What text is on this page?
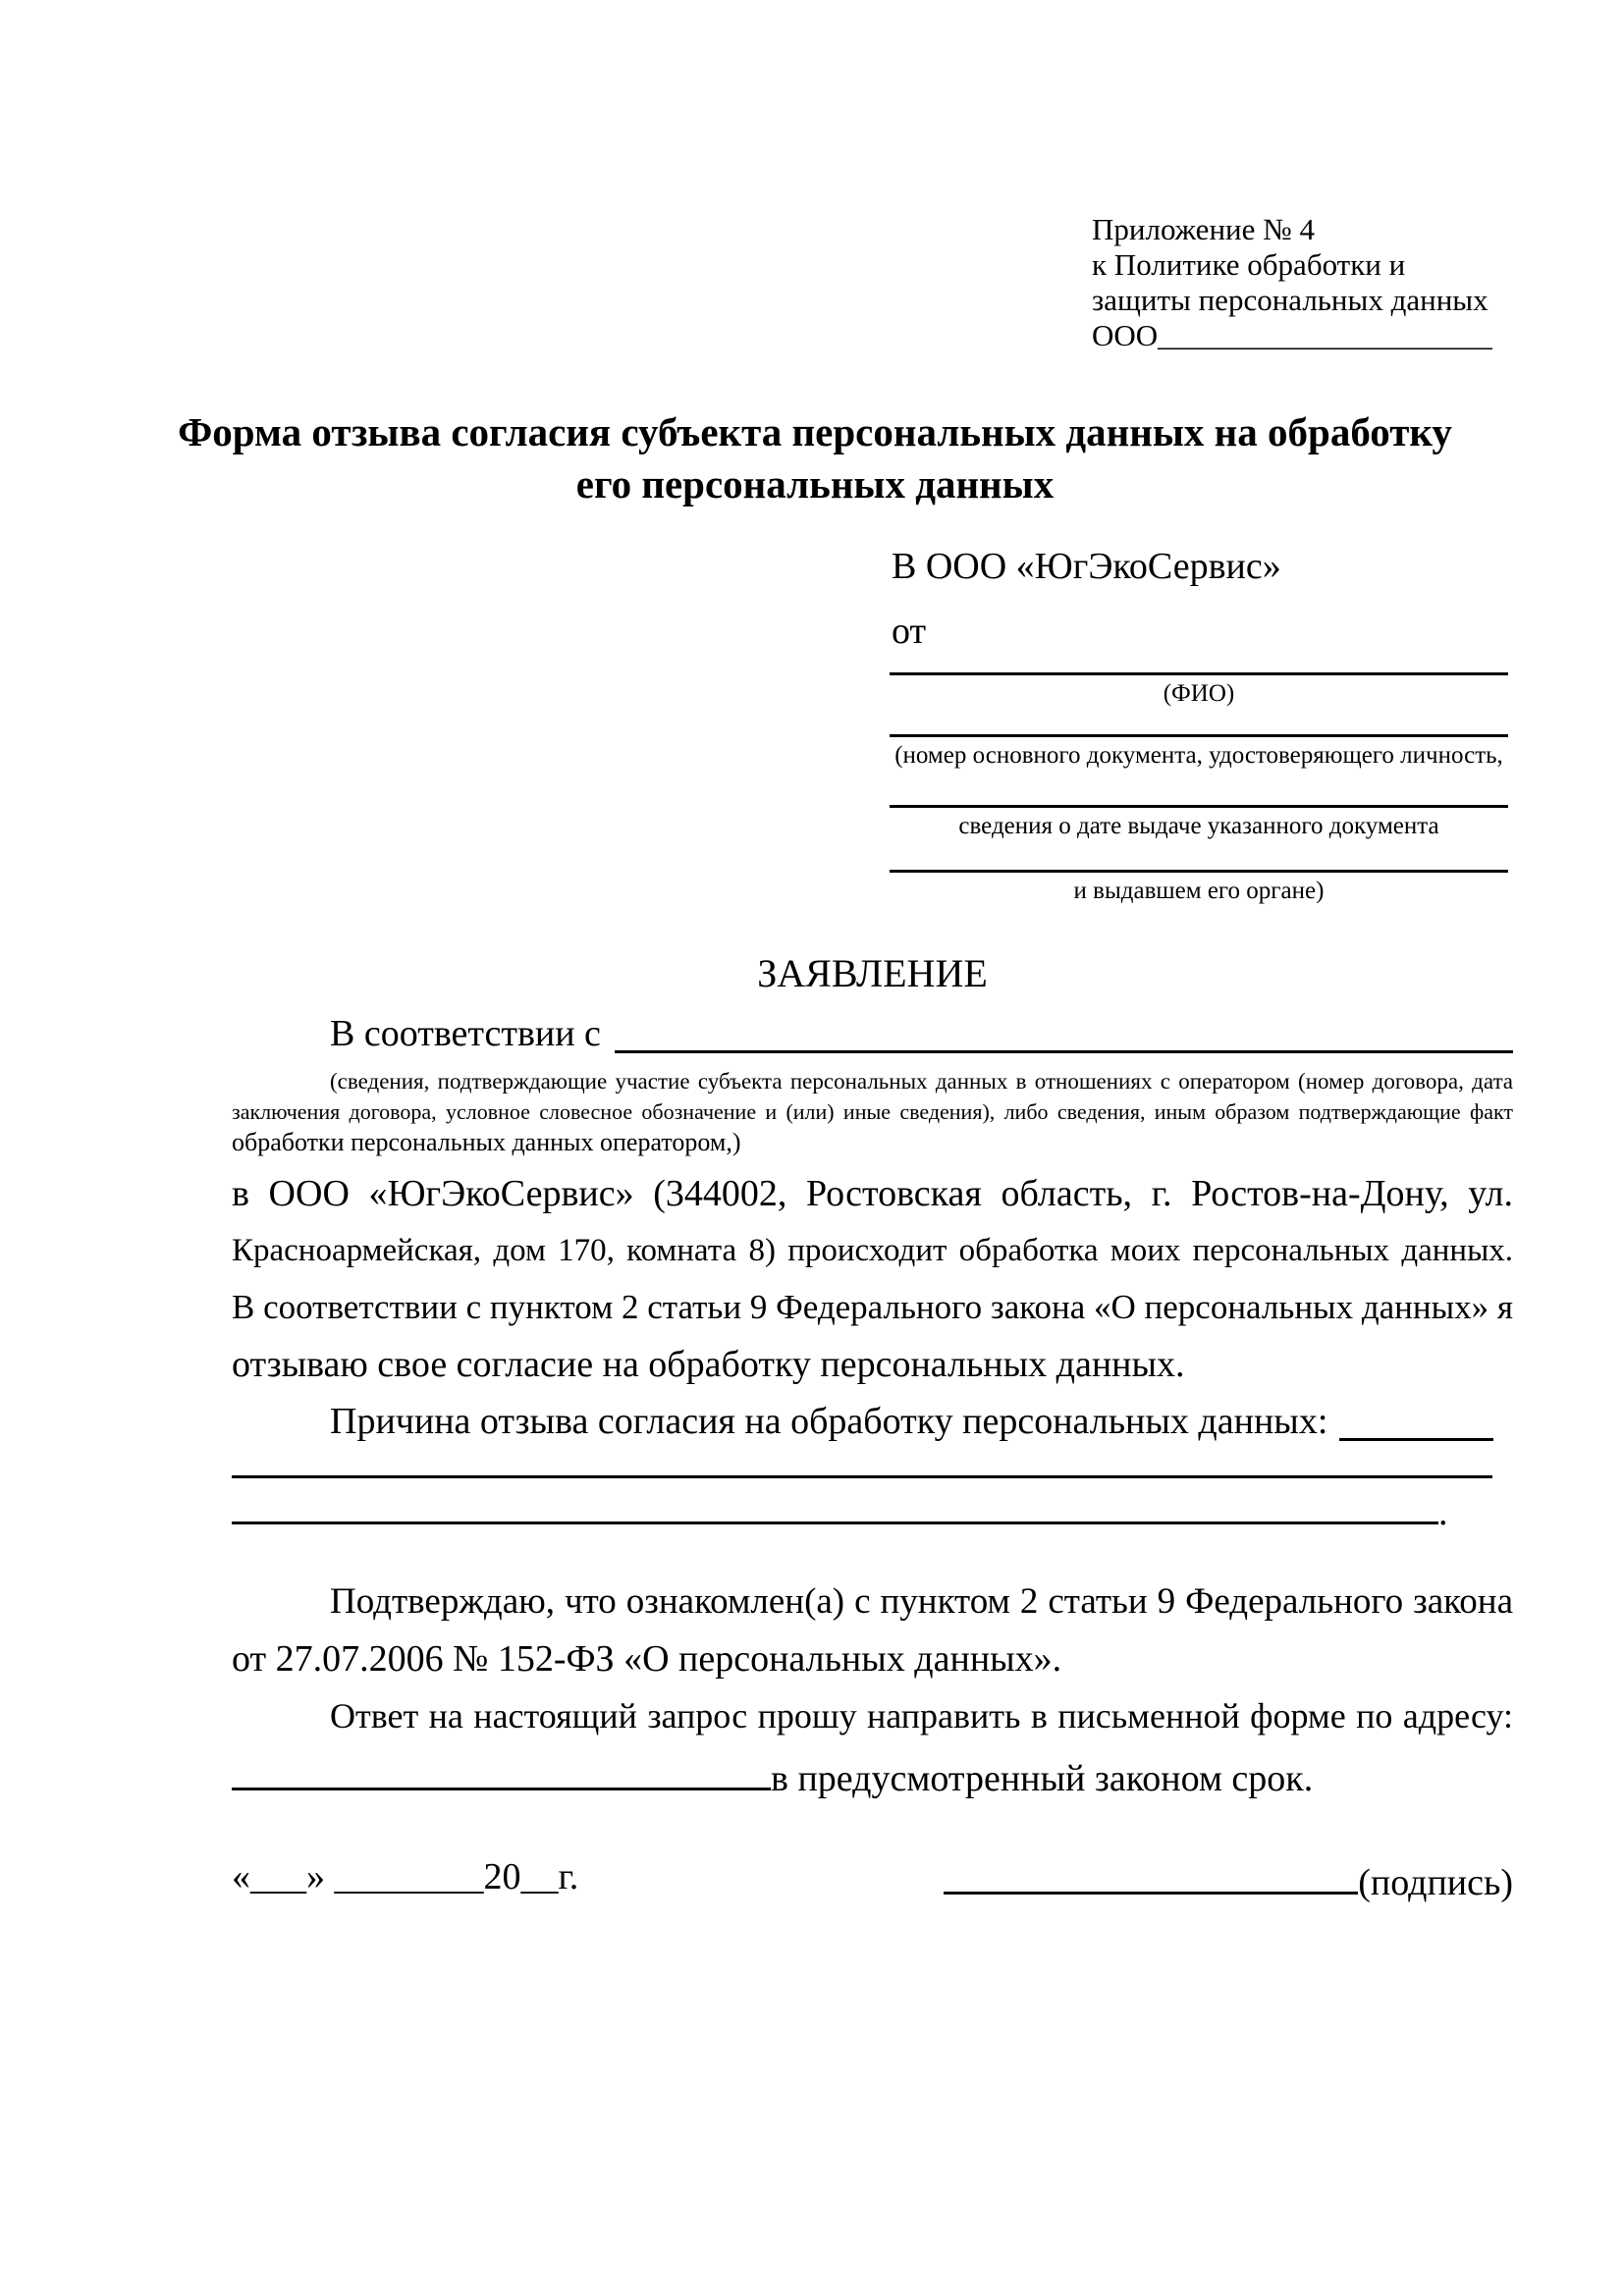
Приложение № 4
к Политике обработки и
защиты персональных данных
ООО______________________
Форма отзыва согласия субъекта персональных данных на обработку
его персональных данных
В ООО «ЮгЭкоСервис»
от
(ФИО)
(номер основного документа, удостоверяющего личность,
сведения о дате выдаче указанного документа
и выдавшем его органе)
ЗАЯВЛЕНИЕ
В соответствии с
(сведения, подтверждающие участие субъекта персональных данных в отношениях с оператором (номер договора, дата
заключения договора, условное словесное обозначение и (или) иные сведения), либо сведения, иным образом подтверждающие факт
обработки персональных данных оператором,)
в ООО «ЮгЭкоСервис» (344002, Ростовская область, г. Ростов-на-Дону, ул.
Красноармейская, дом 170, комната 8) происходит обработка моих персональных данных.
В соответствии с пунктом 2 статьи 9 Федерального закона «О персональных данных» я
отзываю свое согласие на обработку персональных данных.
Причина отзыва согласия на обработку персональных данных:
.
Подтверждаю, что ознакомлен(а) с пунктом 2 статьи 9 Федерального закона
от 27.07.2006 № 152-ФЗ «О персональных данных».
Ответ на настоящий запрос прошу направить в письменной форме по адресу:
в предусмотренный законом срок.
«___» ________20__г.	(подпись)
